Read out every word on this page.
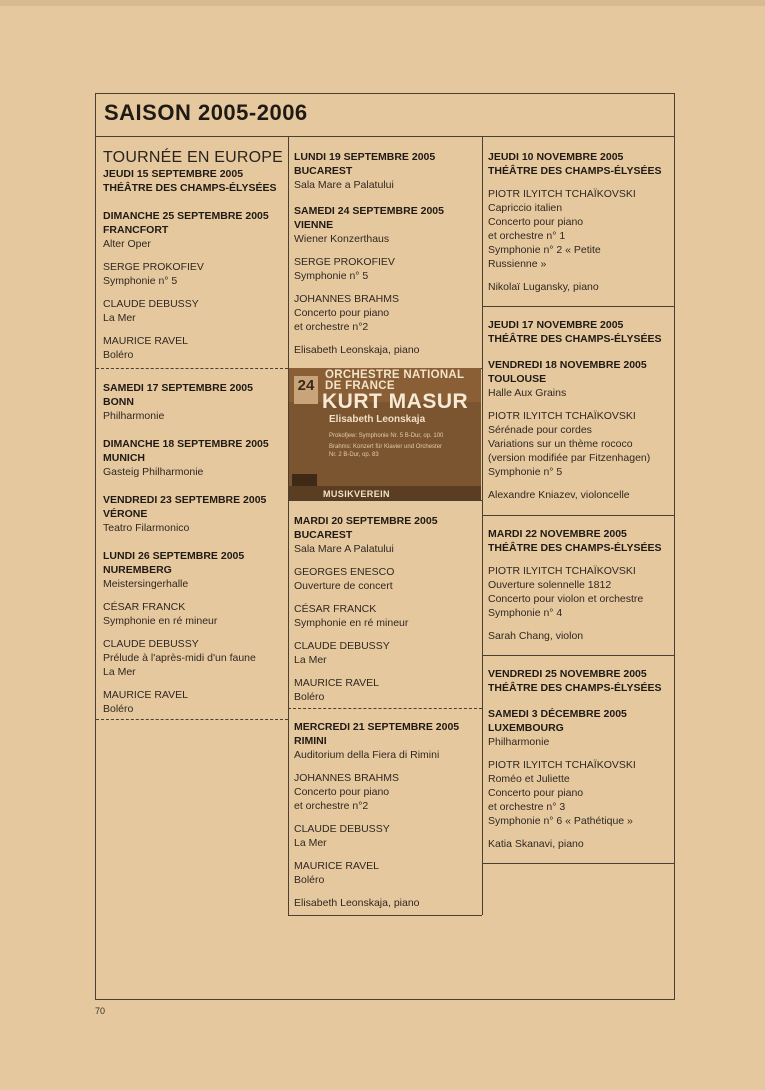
SAISON 2005-2006
TOURNÉE EN EUROPE
JEUDI 15 SEPTEMBRE 2005
THÉÂTRE DES CHAMPS-ÉLYSÉES
DIMANCHE 25 SEPTEMBRE 2005
FRANCFORT
Alter Oper
SERGE PROKOFIEV
Symphonie n° 5
CLAUDE DEBUSSY
La Mer
MAURICE RAVEL
Boléro
SAMEDI 17 SEPTEMBRE 2005
BONN
Philharmonie
DIMANCHE 18 SEPTEMBRE 2005
MUNICH
Gasteig Philharmonie
VENDREDI 23 SEPTEMBRE 2005
VÉRONE
Teatro Filarmonico
LUNDI 26 SEPTEMBRE 2005
NUREMBERG
Meistersingerhalle
CÉSAR FRANCK
Symphonie en ré mineur
CLAUDE DEBUSSY
Prélude à l'après-midi d'un faune
La Mer
MAURICE RAVEL
Boléro
LUNDI 19 SEPTEMBRE 2005
BUCAREST
Sala Mare a Palatului
SAMEDI 24 SEPTEMBRE 2005
VIENNE
Wiener Konzerthaus
SERGE PROKOFIEV
Symphonie n° 5
JOHANNES BRAHMS
Concerto pour piano
et orchestre n°2
Elisabeth Leonskaja, piano
24
ORCHESTRE NATIONAL
DE FRANCE
KURT MASUR
Elisabeth Leonskaja
Prokofjew: Symphonie Nr. 5 B-Dur, op. 100
Brahms: Konzert für Klavier und Orchester
Nr. 2 B-Dur, op. 83
MUSIKVEREIN
MARDI 20 SEPTEMBRE 2005
BUCAREST
Sala Mare A Palatului
GEORGES ENESCO
Ouverture de concert
CÉSAR FRANCK
Symphonie en ré mineur
CLAUDE DEBUSSY
La Mer
MAURICE RAVEL
Boléro
MERCREDI 21 SEPTEMBRE 2005
RIMINI
Auditorium della Fiera di Rimini
JOHANNES BRAHMS
Concerto pour piano
et orchestre n°2
CLAUDE DEBUSSY
La Mer
MAURICE RAVEL
Boléro
Elisabeth Leonskaja, piano
JEUDI 10 NOVEMBRE 2005
THÉÂTRE DES CHAMPS-ÉLYSÉES
PIOTR ILYITCH TCHAÏKOVSKI
Capriccio italien
Concerto pour piano
et orchestre n° 1
Symphonie n° 2 « Petite
Russienne »
Nikolaï Lugansky, piano
JEUDI 17 NOVEMBRE 2005
THÉÂTRE DES CHAMPS-ÉLYSÉES
VENDREDI 18 NOVEMBRE 2005
TOULOUSE
Halle Aux Grains
PIOTR ILYITCH TCHAÏKOVSKI
Sérénade pour cordes
Variations sur un thème rococo
(version modifiée par Fitzenhagen)
Symphonie n° 5
Alexandre Kniazev, violoncelle
MARDI 22 NOVEMBRE 2005
THÉÂTRE DES CHAMPS-ÉLYSÉES
PIOTR ILYITCH TCHAÏKOVSKI
Ouverture solennelle 1812
Concerto pour violon et orchestre
Symphonie n° 4
Sarah Chang, violon
VENDREDI 25 NOVEMBRE 2005
THÉÂTRE DES CHAMPS-ÉLYSÉES
SAMEDI 3 DÉCEMBRE 2005
LUXEMBOURG
Philharmonie
PIOTR ILYITCH TCHAÏKOVSKI
Roméo et Juliette
Concerto pour piano
et orchestre n° 3
Symphonie n° 6 « Pathétique »
Katia Skanavi, piano
70
